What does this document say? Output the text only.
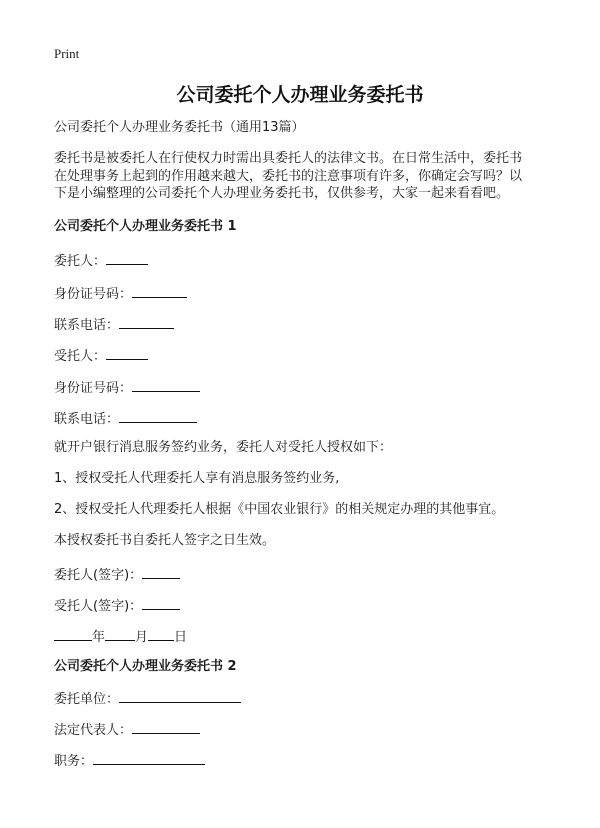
Print
公司委托个人办理业务委托书
公司委托个人办理业务委托书（通用13篇）

委托书是被委托人在行使权力时需出具委托人的法律文书。在日常生活中，委托书

在处理事务上起到的作用越来越大，委托书的注意事项有许多，你确定会写吗？以

下是小编整理的公司委托个人办理业务委托书，仅供参考，大家一起来看看吧。

公司委托个人办理业务委托书 1
委托人：
身份证号码：
联系电话：
受托人：
身份证号码：
联系电话：
就开户银行消息服务签约业务，委托人对受托人授权如下：
1、授权受托人代理委托人享有消息服务签约业务,
2、授权受托人代理委托人根据《中国农业银行》的相关规定办理的其他事宜。
本授权委托书自委托人签字之日生效。
委托人(签字)：
受托人(签字)：
年 月 日
公司委托个人办理业务委托书 2
委托单位：
法定代表人：
职务：
